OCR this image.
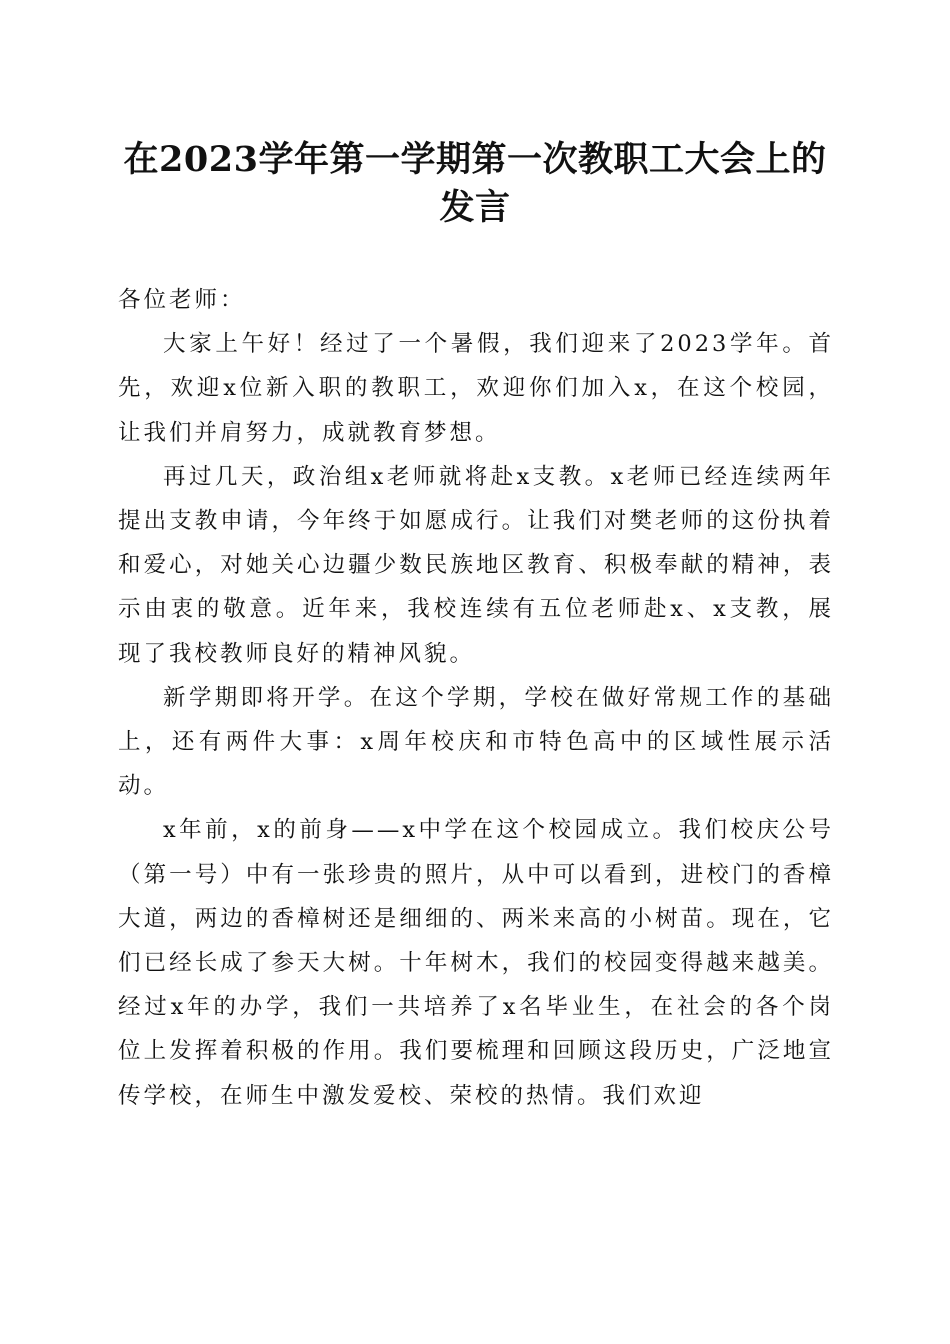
在2023学年第一学期第一次教职工大会上的发言

各位老师：

大家上午好！经过了一个暑假，我们迎来了2023学年。首先，欢迎x位新入职的教职工，欢迎你们加入x，在这个校园，让我们并肩努力，成就教育梦想。

再过几天，政治组x老师就将赴x支教。x老师已经连续两年提出支教申请，今年终于如愿成行。让我们对樊老师的这份执着和爱心，对她关心边疆少数民族地区教育、积极奉献的精神，表示由衷的敬意。近年来，我校连续有五位老师赴x、x支教，展现了我校教师良好的精神风貌。

新学期即将开学。在这个学期，学校在做好常规工作的基础上，还有两件大事：x周年校庆和市特色高中的区域性展示活动。

x年前，x的前身——x中学在这个校园成立。我们校庆公号（第一号）中有一张珍贵的照片，从中可以看到，进校门的香樟大道，两边的香樟树还是细细的、两米来高的小树苗。现在，它们已经长成了参天大树。十年树木，我们的校园变得越来越美。经过x年的办学，我们一共培养了x名毕业生，在社会的各个岗位上发挥着积极的作用。我们要梳理和回顾这段历史，广泛地宣传学校，在师生中激发爱校、荣校的热情。我们欢迎
